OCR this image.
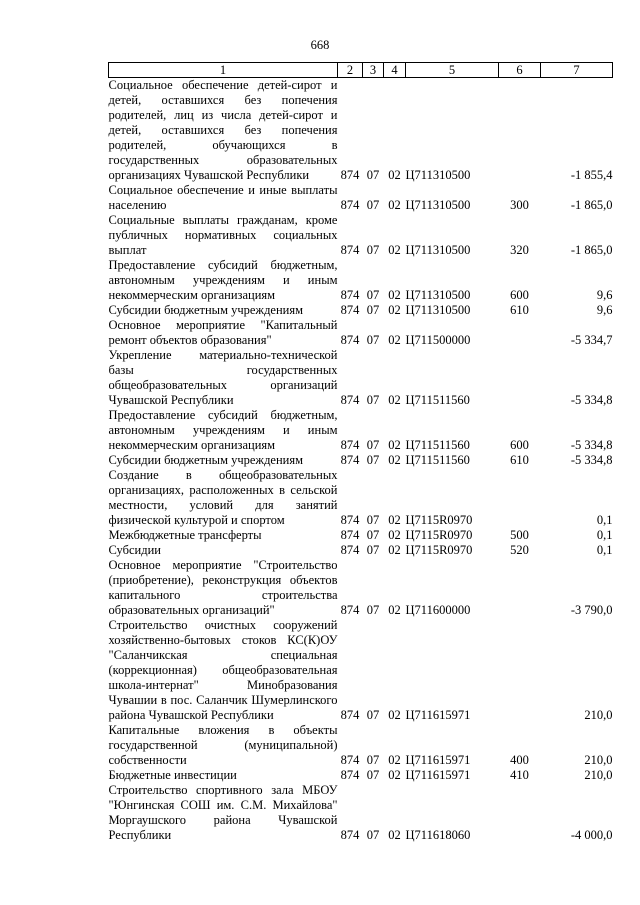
668
1	2	3	4	5	6	7
Социальное обеспечение детей-сирот и детей, оставшихся без попечения родителей, лиц из числа детей-сирот и детей, оставшихся без попечения родителей, обучающихся в государственных образовательных организациях Чувашской Республики	874	07	02	Ц711310500		-1 855,4
Социальное обеспечение и иные выплаты населению	874	07	02	Ц711310500	300	-1 865,0
Социальные выплаты гражданам, кроме публичных нормативных социальных выплат	874	07	02	Ц711310500	320	-1 865,0
Предоставление субсидий бюджетным, автономным учреждениям и иным некоммерческим организациям	874	07	02	Ц711310500	600	9,6
Субсидии бюджетным учреждениям	874	07	02	Ц711310500	610	9,6
Основное мероприятие "Капитальный ремонт объектов образования"	874	07	02	Ц711500000		-5 334,7
Укрепление материально-технической базы государственных общеобразовательных организаций Чувашской Республики	874	07	02	Ц711511560		-5 334,8
Предоставление субсидий бюджетным, автономным учреждениям и иным некоммерческим организациям	874	07	02	Ц711511560	600	-5 334,8
Субсидии бюджетным учреждениям	874	07	02	Ц711511560	610	-5 334,8
Создание в общеобразовательных организациях, расположенных в сельской местности, условий для занятий физической культурой и спортом	874	07	02	Ц7115R0970		0,1
Межбюджетные трансферты	874	07	02	Ц7115R0970	500	0,1
Субсидии	874	07	02	Ц7115R0970	520	0,1
Основное мероприятие "Строительство (приобретение), реконструкция объектов капитального строительства образовательных организаций"	874	07	02	Ц711600000		-3 790,0
Строительство очистных сооружений хозяйственно-бытовых стоков КС(К)ОУ "Саланчикская специальная (коррекционная) общеобразовательная школа-интернат" Минобразования Чувашии в пос. Саланчик Шумерлинского района Чувашской Республики	874	07	02	Ц711615971		210,0
Капитальные вложения в объекты государственной (муниципальной) собственности	874	07	02	Ц711615971	400	210,0
Бюджетные инвестиции	874	07	02	Ц711615971	410	210,0
Строительство спортивного зала МБОУ "Юнгинская СОШ им. С.М. Михайлова" Моргаушского района Чувашской Республики	874	07	02	Ц711618060		-4 000,0
